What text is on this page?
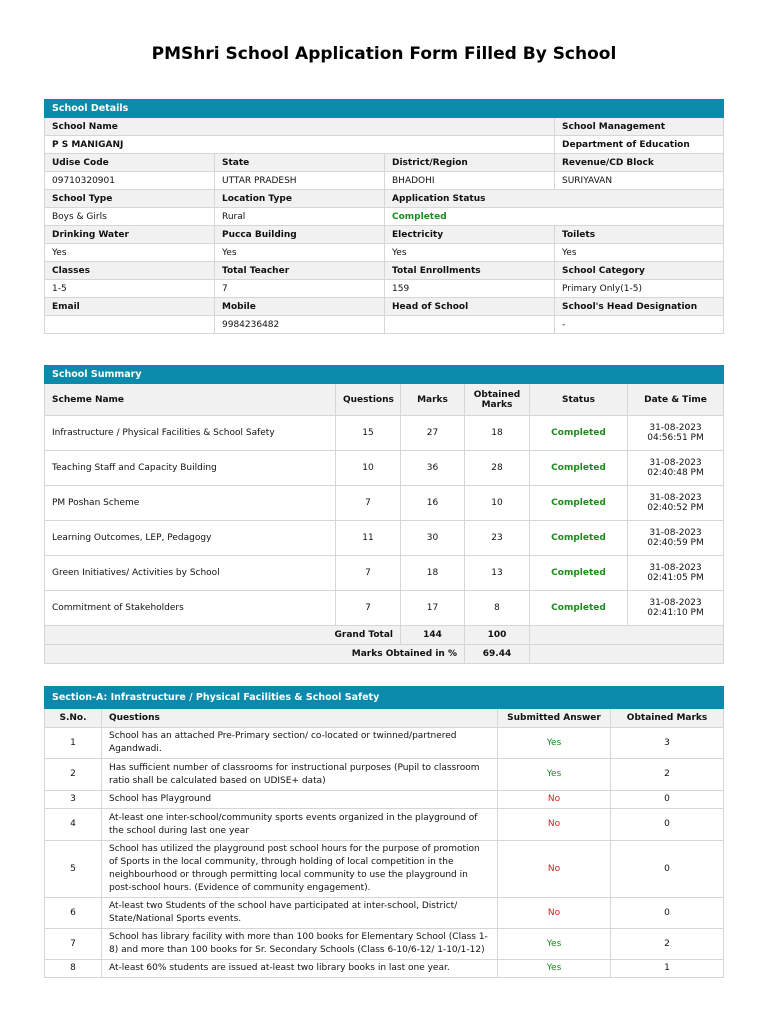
PMShri School Application Form Filled By School
School Details			
School Name			School Management
P S MANIGANJ			Department of Education
Udise Code	State	District/Region	Revenue/CD Block
09710320901	UTTAR PRADESH	BHADOHI	SURIYAVAN
School Type	Location Type	Application Status	
Boys & Girls	Rural	Completed	
Drinking Water	Pucca Building	Electricity	Toilets
Yes	Yes	Yes	Yes
Classes	Total Teacher	Total Enrollments	School Category
1-5	7	159	Primary Only(1-5)
Email	Mobile	Head of School	School's Head Designation
	9984236482		-
School Summary					
Scheme Name	Questions	Marks	Obtained Marks	Status	Date & Time
Infrastructure / Physical Facilities & School Safety	15	27	18	Completed	31-08-2023
04:56:51 PM

Teaching Staff and Capacity Building	10	36	28	Completed	31-08-2023
02:40:48 PM

PM Poshan Scheme	7	16	10	Completed	31-08-2023
02:40:52 PM

Learning Outcomes, LEP, Pedagogy	11	30	23	Completed	31-08-2023
02:40:59 PM

Green Initiatives/ Activities by School	7	18	13	Completed	31-08-2023
02:41:05 PM

Commitment of Stakeholders	7	17	8	Completed	31-08-2023
02:41:10 PM

Grand Total		144	100		
Marks Obtained in %			69.44		
Section-A: Infrastructure / Physical Facilities & School Safety			
S.No.	Questions	Submitted Answer	Obtained Marks
1	School has an attached Pre-Primary section/ co-located or twinned/partnered Agandwadi.	Yes	3
2	Has sufficient number of classrooms for instructional purposes (Pupil to classroom ratio shall be calculated based on UDISE+ data)	Yes	2
3	School has Playground	No	0
4	At-least one inter-school/community sports events organized in the playground of the school during last one year	No	0
5	School has utilized the playground post school hours for the purpose of promotion of Sports in the local community, through holding of local competition in the neighbourhood or through permitting local community to use the playground in post-school hours. (Evidence of community engagement).	No	0
6	At-least two Students of the school have participated at inter-school, District/ State/National Sports events.	No	0
7	School has library facility with more than 100 books for Elementary School (Class 1-8) and more than 100 books for Sr. Secondary Schools (Class 6-10/6-12/ 1-10/1-12)	Yes	2
8	At-least 60% students are issued at-least two library books in last one year.	Yes	1
